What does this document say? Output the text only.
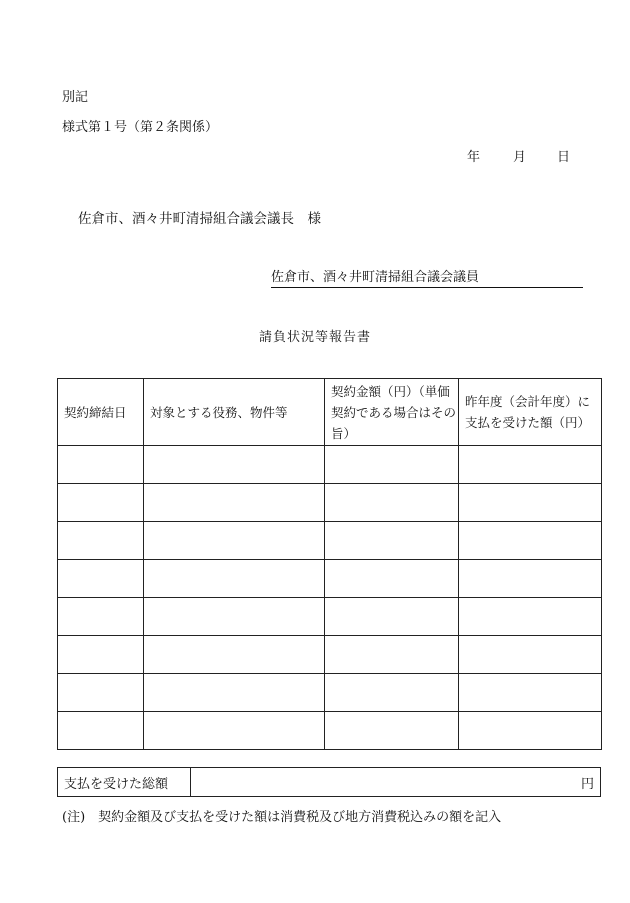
別記
様式第１号（第２条関係）
年	月 日
佐倉市、酒々井町清掃組合議会議長　様
佐倉市、酒々井町清掃組合議会議員
請負状況等報告書
契約締結日	対象とする役務、物件等	契約金額（円）（単価契約である場合はその旨）	昨年度（会計年度）に支払を受けた額（円）

支払を受けた総額	円
(注)　契約金額及び支払を受けた額は消費税及び地方消費税込みの額を記入
